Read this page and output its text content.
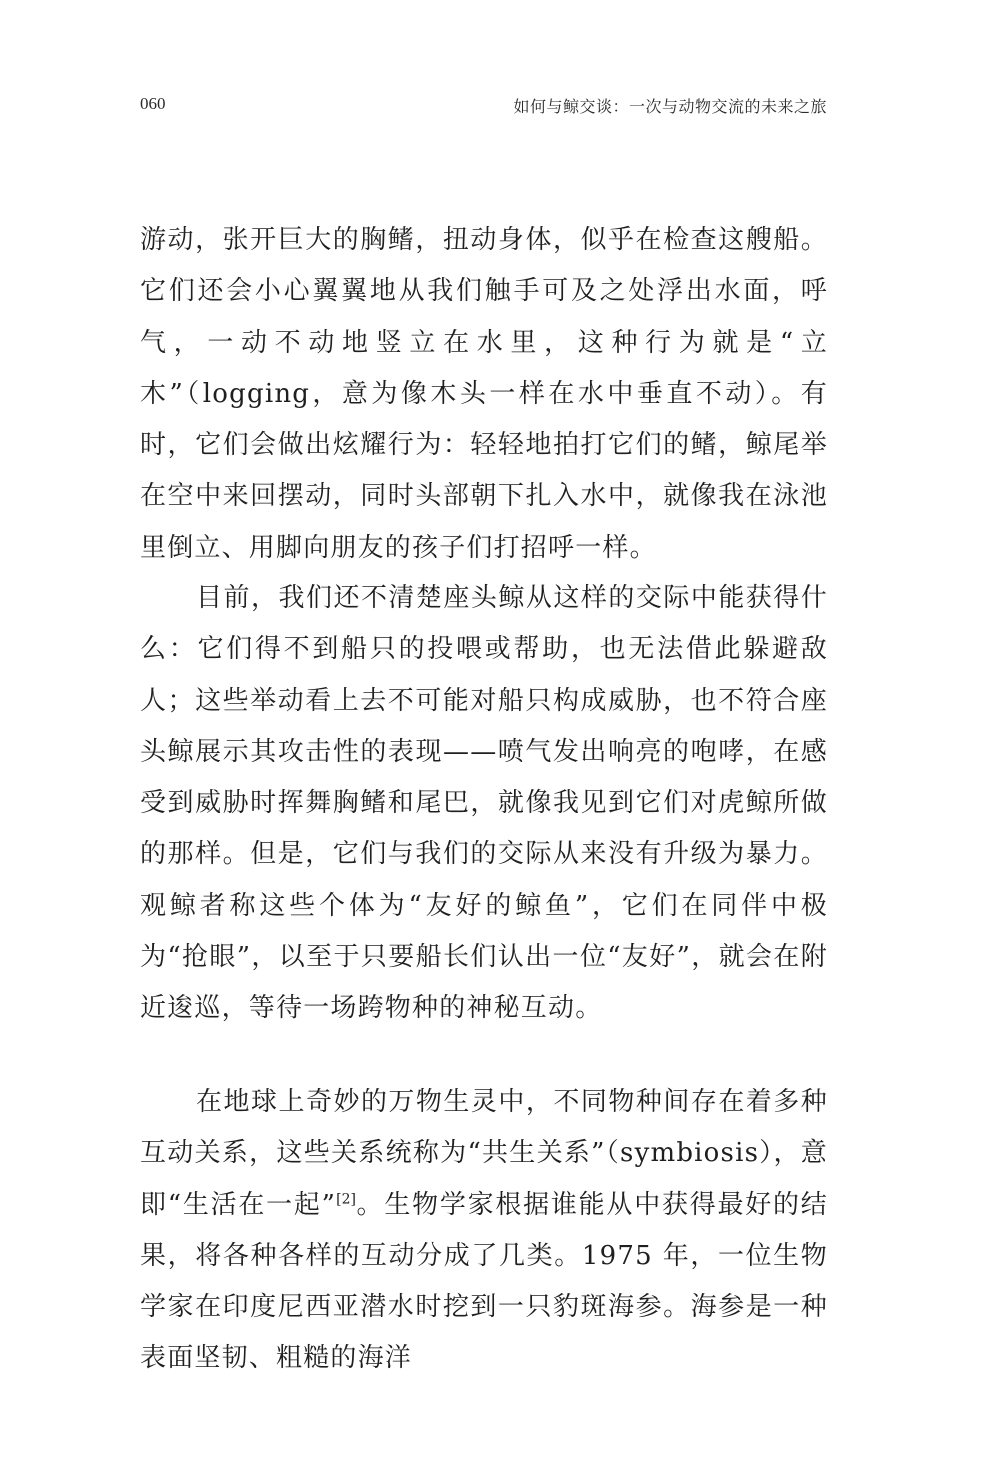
060	如何与鲸交谈：一次与动物交流的未来之旅

游动，张开巨大的胸鳍，扭动身体，似乎在检查这艘船。它们还会小心翼翼地从我们触手可及之处浮出水面，呼气，一动不动地竖立在水里，这种行为就是“立木”（logging，意为像木头一样在水中垂直不动）。有时，它们会做出炫耀行为：轻轻地拍打它们的鳍，鲸尾举在空中来回摆动，同时头部朝下扎入水中，就像我在泳池里倒立、用脚向朋友的孩子们打招呼一样。

目前，我们还不清楚座头鲸从这样的交际中能获得什么：它们得不到船只的投喂或帮助，也无法借此躲避敌人；这些举动看上去不可能对船只构成威胁，也不符合座头鲸展示其攻击性的表现——喷气发出响亮的咆哮，在感受到威胁时挥舞胸鳍和尾巴，就像我见到它们对虎鲸所做的那样。但是，它们与我们的交际从来没有升级为暴力。观鲸者称这些个体为“友好的鲸鱼”，它们在同伴中极为“抢眼”，以至于只要船长们认出一位“友好”，就会在附近逡巡，等待一场跨物种的神秘互动。

在地球上奇妙的万物生灵中，不同物种间存在着多种互动关系，这些关系统称为“共生关系”（symbiosis），意即“生活在一起”[2]。生物学家根据谁能从中获得最好的结果，将各种各样的互动分成了几类。1975 年，一位生物学家在印度尼西亚潜水时挖到一只豹斑海参。海参是一种表面坚韧、粗糙的海洋
